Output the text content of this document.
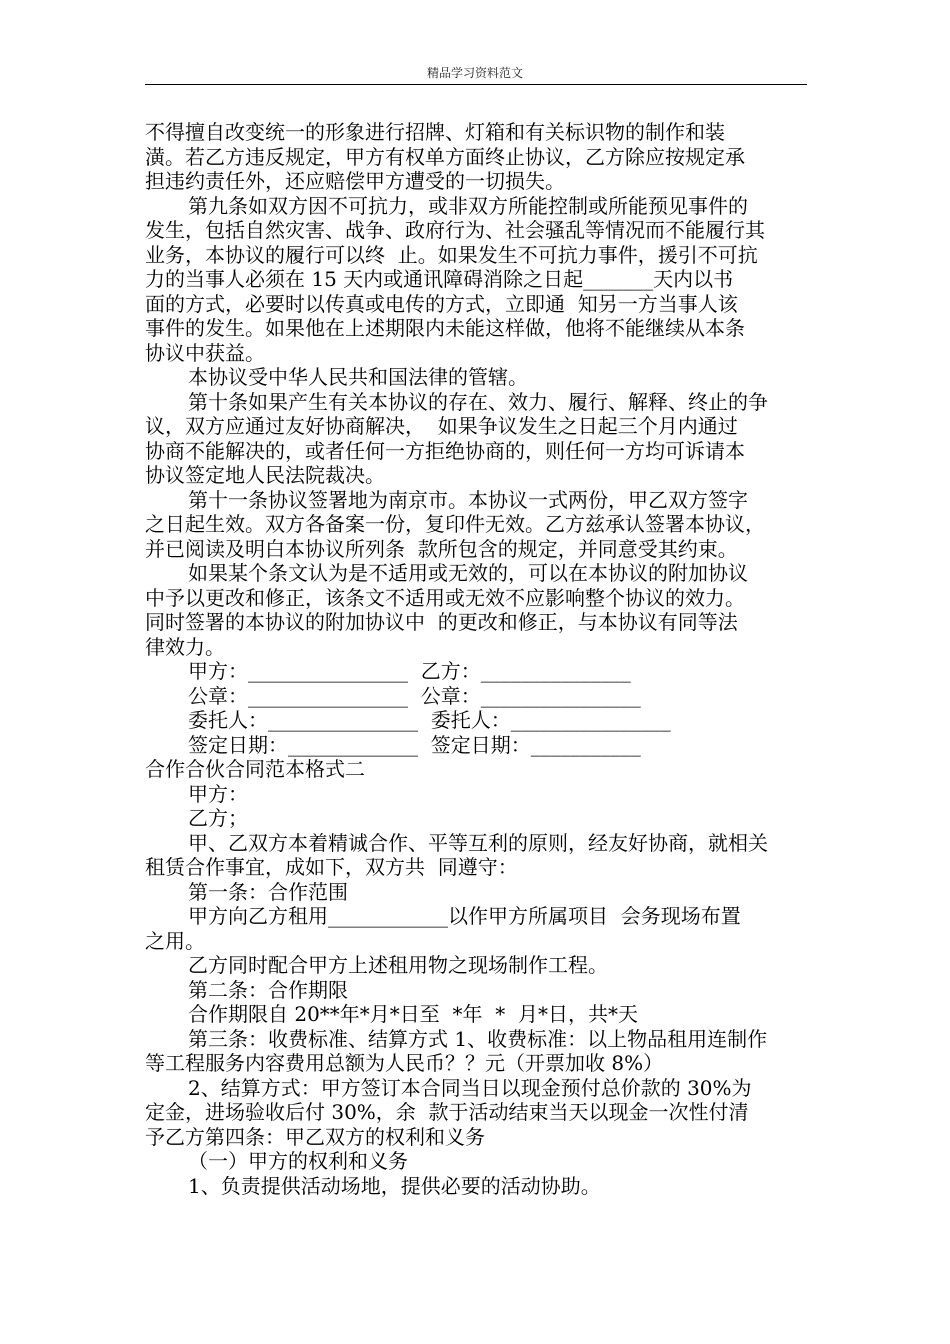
精品学习资料范文
不得擅自改变统一的形象进行招牌、灯箱和有关标识物的制作和装
潢。若乙方违反规定，甲方有权单方面终止协议，乙方除应按规定承
担违约责任外，还应赔偿甲方遭受的一切损失。
第九条如双方因不可抗力，或非双方所能控制或所能预见事件的
发生，包括自然灾害、战争、政府行为、社会骚乱等情况而不能履行其
业务，本协议的履行可以终  止。如果发生不可抗力事件，援引不可抗
力的当事人必须在 15 天内或通讯障碍消除之日起_______天内以书
面的方式，必要时以传真或电传的方式，立即通  知另一方当事人该
事件的发生。如果他在上述期限内未能这样做，他将不能继续从本条
协议中获益。
本协议受中华人民共和国法律的管辖。
第十条如果产生有关本协议的存在、效力、履行、解释、终止的争
议，双方应通过友好协商解决，  如果争议发生之日起三个月内通过
协商不能解决的，或者任何一方拒绝协商的，则任何一方均可诉请本
协议签定地人民法院裁决。
第十一条协议签署地为南京市。本协议一式两份，甲乙双方签字
之日起生效。双方各备案一份，复印件无效。乙方兹承认签署本协议，
并已阅读及明白本协议所列条  款所包含的规定，并同意受其约束。
如果某个条文认为是不适用或无效的，可以在本协议的附加协议
中予以更改和修正，该条文不适用或无效不应影响整个协议的效力。
同时签署的本协议的附加协议中  的更改和修正，与本协议有同等法
律效力。
甲方：________________  乙方：_______________
公章：________________  公章：________________
委托人：_______________  委托人：________________
签定日期：_____________  签定日期：___________
合作合伙合同范本格式二
甲方：
乙方；
甲、乙双方本着精诚合作、平等互利的原则，经友好协商，就相关
租赁合作事宜，成如下，双方共  同遵守：
第一条：合作范围
甲方向乙方租用____________以作甲方所属项目  会务现场布置
之用。
乙方同时配合甲方上述租用物之现场制作工程。
第二条：合作期限
合作期限自 20**年*月*日至  *年  *  月*日，共*天
第三条：收费标准、结算方式 1、收费标准：以上物品租用连制作
等工程服务内容费用总额为人民币？？元（开票加收 8%）
2、结算方式：甲方签订本合同当日以现金预付总价款的 30%为
定金，进场验收后付 30%，余  款于活动结束当天以现金一次性付清
予乙方第四条：甲乙双方的权利和义务
（一）甲方的权利和义务
1、负责提供活动场地，提供必要的活动协助。
